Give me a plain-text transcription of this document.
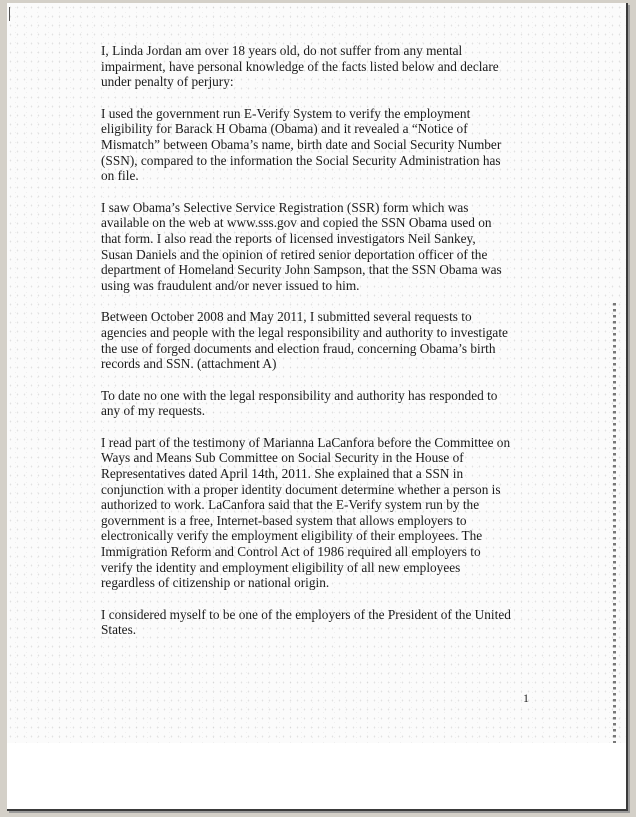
I, Linda Jordan am over 18 years old, do not suffer from any mental
impairment, have personal knowledge of the facts listed below and declare
under penalty of perjury:

I used the government run E-Verify System to verify the employment
eligibility for Barack H Obama (Obama) and it revealed a “Notice of
Mismatch” between Obama’s name, birth date and Social Security Number
(SSN), compared to the information the Social Security Administration has
on file.

I saw Obama’s Selective Service Registration (SSR) form which was
available on the web at www.sss.gov and copied the SSN Obama used on
that form. I also read the reports of licensed investigators Neil Sankey,
Susan Daniels and the opinion of retired senior deportation officer of the
department of Homeland Security John Sampson, that the SSN Obama was
using was fraudulent and/or never issued to him.

Between October 2008 and May 2011, I submitted several requests to
agencies and people with the legal responsibility and authority to investigate
the use of forged documents and election fraud, concerning Obama’s birth
records and SSN. (attachment A)

To date no one with the legal responsibility and authority has responded to
any of my requests.

I read part of the testimony of Marianna LaCanfora before the Committee on
Ways and Means Sub Committee on Social Security in the House of
Representatives dated April 14th, 2011. She explained that a SSN in
conjunction with a proper identity document determine whether a person is
authorized to work. LaCanfora said that the E-Verify system run by the
government is a free, Internet-based system that allows employers to
electronically verify the employment eligibility of their employees. The
Immigration Reform and Control Act of 1986 required all employers to
verify the identity and employment eligibility of all new employees
regardless of citizenship or national origin.

I considered myself to be one of the employers of the President of the United
States.

1
